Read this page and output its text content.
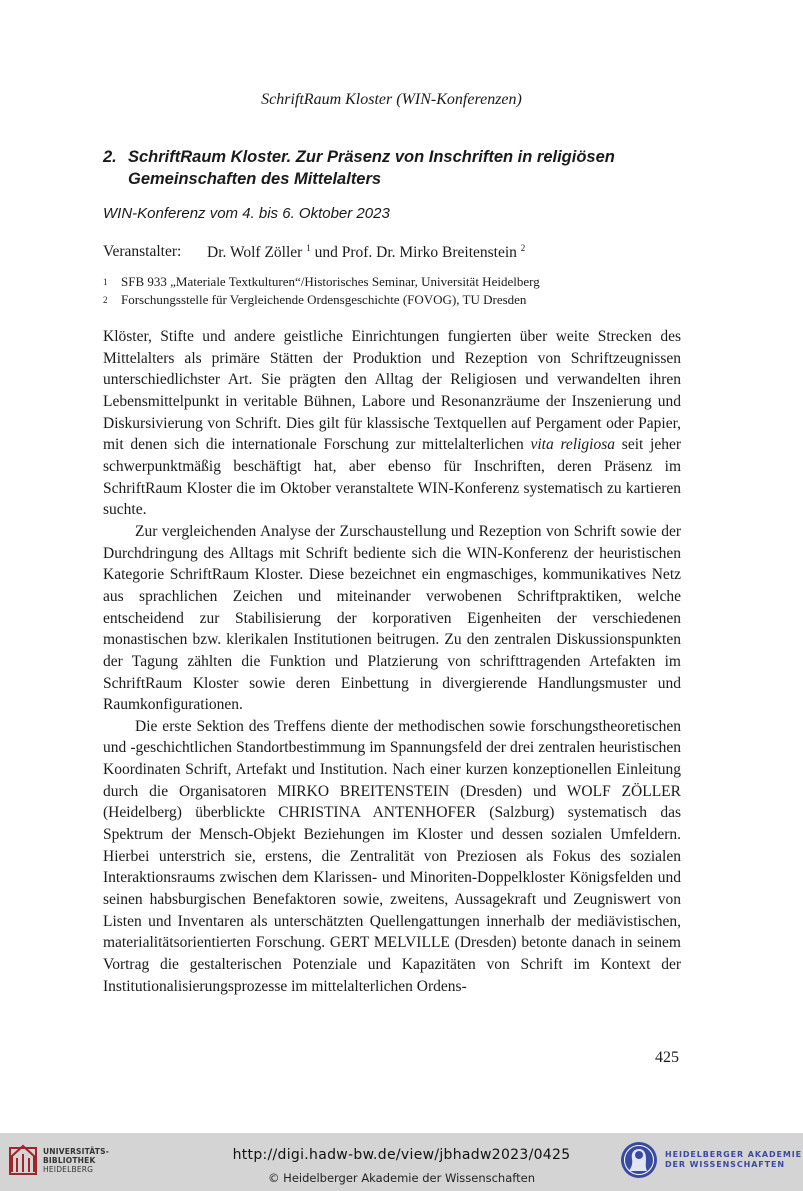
SchriftRaum Kloster (WIN-Konferenzen)
2. SchriftRaum Kloster. Zur Präsenz von Inschriften in religiösen Gemeinschaften des Mittelalters
WIN-Konferenz vom 4. bis 6. Oktober 2023
Veranstalter:	Dr. Wolf Zöller $^1$ und Prof. Dr. Mirko Breitenstein $^2$
1	SFB 933 „Materiale Textkulturen“/Historisches Seminar, Universität Heidelberg
2	Forschungsstelle für Vergleichende Ordensgeschichte (FOVOG), TU Dresden

Klöster, Stifte und andere geistliche Einrichtungen fungierten über weite Strecken des Mittelalters als primäre Stätten der Produktion und Rezeption von Schriftzeugnissen unterschiedlichster Art. Sie prägten den Alltag der Religiosen und verwandelten ihren Lebensmittelpunkt in veritable Bühnen, Labore und Resonanzräume der Inszenierung und Diskursivierung von Schrift. Dies gilt für klassische Textquellen auf Pergament oder Papier, mit denen sich die internationale Forschung zur mittelalterlichen vita religiosa seit jeher schwerpunktmäßig beschäftigt hat, aber ebenso für Inschriften, deren Präsenz im SchriftRaum Kloster die im Oktober veranstaltete WIN-Konferenz systematisch zu kartieren suchte.

Zur vergleichenden Analyse der Zurschaustellung und Rezeption von Schrift sowie der Durchdringung des Alltags mit Schrift bediente sich die WIN-Konferenz der heuristischen Kategorie SchriftRaum Kloster. Diese bezeichnet ein engmaschiges, kommunikatives Netz aus sprachlichen Zeichen und miteinander verwobenen Schriftpraktiken, welche entscheidend zur Stabilisierung der korporativen Eigenheiten der verschiedenen monastischen bzw. klerikalen Institutionen beitrugen. Zu den zentralen Diskussionspunkten der Tagung zählten die Funktion und Platzierung von schrifttragenden Artefakten im SchriftRaum Kloster sowie deren Einbettung in divergierende Handlungsmuster und Raumkonfigurationen.

Die erste Sektion des Treffens diente der methodischen sowie forschungstheoretischen und -geschichtlichen Standortbestimmung im Spannungsfeld der drei zentralen heuristischen Koordinaten Schrift, Artefakt und Institution. Nach einer kurzen konzeptionellen Einleitung durch die Organisatoren MIRKO BREITENSTEIN (Dresden) und WOLF ZÖLLER (Heidelberg) überblickte CHRISTINA ANTENHOFER (Salzburg) systematisch das Spektrum der Mensch-Objekt Beziehungen im Kloster und dessen sozialen Umfeldern. Hierbei unterstrich sie, erstens, die Zentralität von Preziosen als Fokus des sozialen Interaktionsraums zwischen dem Klarissen- und Minoriten-Doppelkloster Königsfelden und seinen habsburgischen Benefaktoren sowie, zweitens, Aussagekraft und Zeugniswert von Listen und Inventaren als unterschätzten Quellengattungen innerhalb der mediävistischen, materialitätsorientierten Forschung. GERT MELVILLE (Dresden) betonte danach in seinem Vortrag die gestalterischen Potenziale und Kapazitäten von Schrift im Kontext der Institutionalisierungsprozesse im mittelalterlichen Ordens-

425
UNIVERSITÄTS-
BIBLIOTHEK
HEIDELBERG
http://digi.hadw-bw.de/view/jbhadw2023/0425
© Heidelberger Akademie der Wissenschaften
HEIDELBERGER AKADEMIE
DER WISSENSCHAFTEN
